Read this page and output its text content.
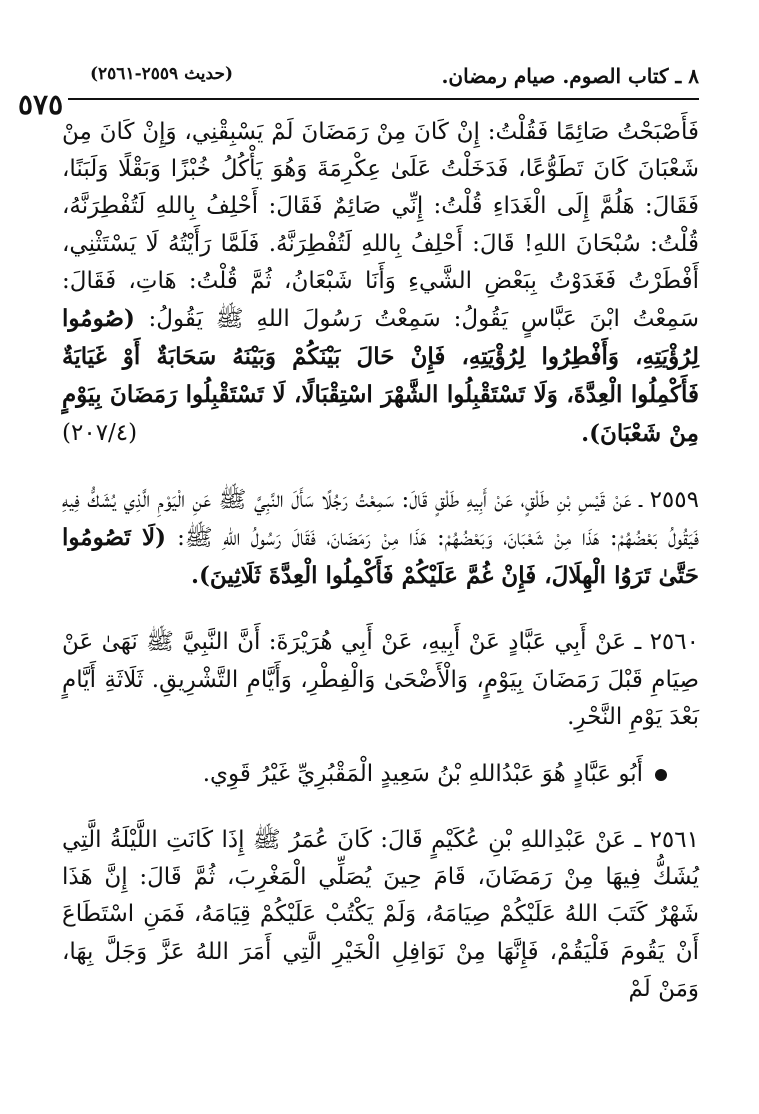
٨ ـ كتاب الصوم. صيام رمضان.
(حديث ٢٥٥٩-٢٥٦١)
٥٧٥

فَأَصْبَحْتُ صَائِمًا فَقُلْتُ: إِنْ كَانَ مِنْ رَمَضَانَ لَمْ يَسْبِقْنِي، وَإِنْ كَانَ مِنْ شَعْبَانَ كَانَ تَطَوُّعًا، فَدَخَلْتُ عَلَىٰ عِكْرِمَةَ وَهُوَ يَأْكُلُ خُبْزًا وَبَقْلًا وَلَبَنًا، فَقَالَ: هَلُمَّ إِلَى الْغَدَاءِ قُلْتُ: إِنِّي صَائِمٌ فَقَالَ: أَحْلِفُ بِاللهِ لَتُفْطِرَنَّهُ، قُلْتُ: سُبْحَانَ اللهِ! قَالَ: أَحْلِفُ بِاللهِ لَتُفْطِرَنَّهُ. فَلَمَّا رَأَيْتُهُ لَا يَسْتَثْنِي، أَفْطَرْتُ فَغَدَوْتُ بِبَعْضِ الشَّيءِ وَأَنَا شَبْعَانُ، ثُمَّ قُلْتُ: هَاتِ، فَقَالَ: سَمِعْتُ ابْنَ عَبَّاسٍ يَقُولُ: سَمِعْتُ رَسُولَ اللهِ ﷺ يَقُولُ: (صُومُوا لِرُؤْيَتِهِ، وَأَفْطِرُوا لِرُؤْيَتِهِ، فَإِنْ حَالَ بَيْنَكُمْ وَبَيْنَهُ سَحَابَةٌ أَوْ غَيَايَةٌ فَأَكْمِلُوا الْعِدَّةَ، وَلَا تَسْتَقْبِلُوا الشَّهْرَ اسْتِقْبَالًا، لَا تَسْتَقْبِلُوا رَمَضَانَ بِيَوْمٍ مِنْ شَعْبَانَ).
(٢٠٧/٤)

٢٥٥٩ ـ عَنْ قَيْسِ بْنِ طَلْقٍ، عَنْ أَبِيهِ طَلْقٍ قَالَ: سَمِعْتُ رَجُلًا سَأَلَ النَّبِيَّ ﷺ عَنِ الْيَوْمِ الَّذِي يُشَكُّ فِيهِ فَيَقُولُ بَعْضُهُمْ: هَذَا مِنْ شَعْبَانَ، وَبَعْضُهُمْ: هَذَا مِنْ رَمَضَانَ، فَقَالَ رَسُولُ اللهِ ﷺ: (لَا تَصُومُوا حَتَّىٰ تَرَوُا الْهِلَالَ، فَإِنْ غُمَّ عَلَيْكُمْ فَأَكْمِلُوا الْعِدَّةَ ثَلَاثِينَ).

٢٥٦٠ ـ عَنْ أَبِي عَبَّادٍ عَنْ أَبِيهِ، عَنْ أَبِي هُرَيْرَةَ: أَنَّ النَّبِيَّ ﷺ نَهَىٰ عَنْ صِيَامِ قَبْلَ رَمَضَانَ بِيَوْمٍ، وَالْأَضْحَىٰ وَالْفِطْرِ، وَأَيَّامِ التَّشْرِيقِ. ثَلَاثَةِ أَيَّامٍ بَعْدَ يَوْمِ النَّحْرِ.

أَبُو عَبَّادٍ هُوَ عَبْدُاللهِ بْنُ سَعِيدٍ الْمَقْبُرِيِّ غَيْرُ قَوِي.

٢٥٦١ ـ عَنْ عَبْدِاللهِ بْنِ عُكَيْمٍ قَالَ: كَانَ عُمَرُ ﷺ إِذَا كَانَتِ اللَّيْلَةُ الَّتِي يُشَكُّ فِيهَا مِنْ رَمَضَانَ، قَامَ حِينَ يُصَلِّي الْمَغْرِبَ، ثُمَّ قَالَ: إِنَّ هَذَا شَهْرٌ كَتَبَ اللهُ عَلَيْكُمْ صِيَامَهُ، وَلَمْ يَكْتُبْ عَلَيْكُمْ قِيَامَهُ، فَمَنِ اسْتَطَاعَ أَنْ يَقُومَ فَلْيَقُمْ، فَإِنَّهَا مِنْ نَوَافِلِ الْخَيْرِ الَّتِي أَمَرَ اللهُ عَزَّ وَجَلَّ بِهَا، وَمَنْ لَمْ
